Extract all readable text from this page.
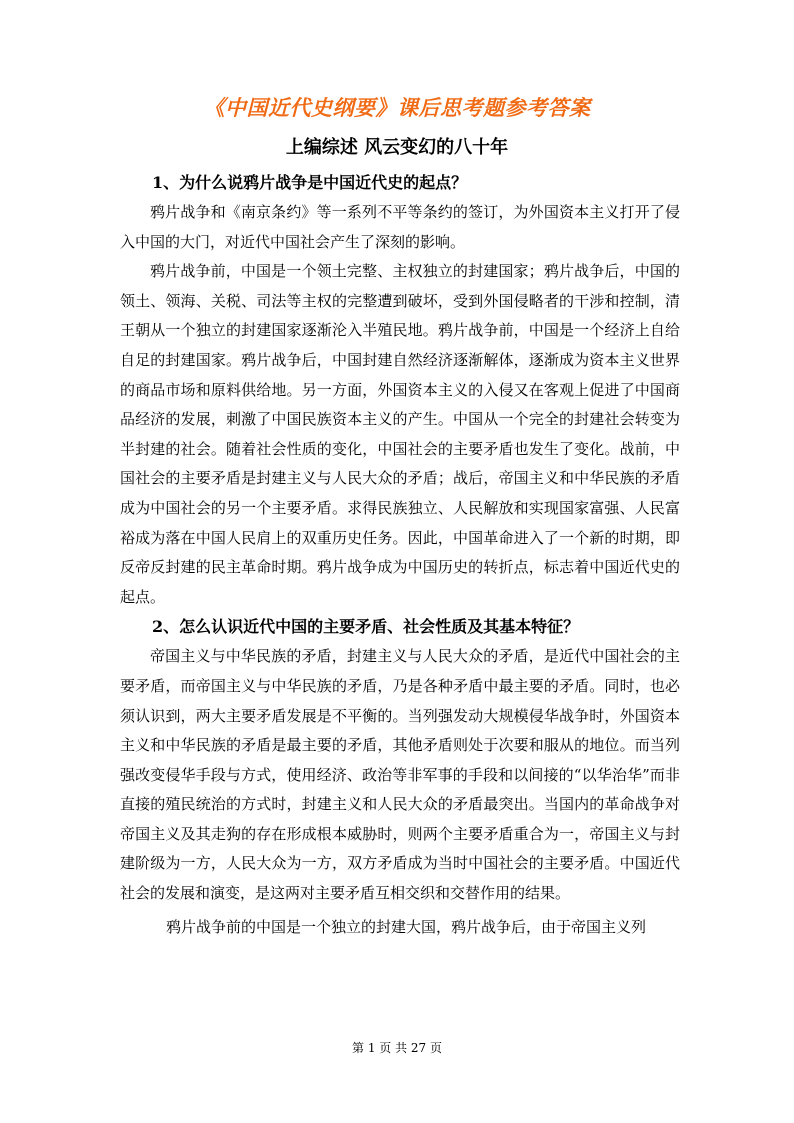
《中国近代史纲要》课后思考题参考答案
上编综述 风云变幻的八十年

1、为什么说鸦片战争是中国近代史的起点？

鸦片战争和《南京条约》等一系列不平等条约的签订，为外国资本主义打开了侵入中国的大门，对近代中国社会产生了深刻的影响。

鸦片战争前，中国是一个领土完整、主权独立的封建国家；鸦片战争后，中国的领土、领海、关税、司法等主权的完整遭到破坏，受到外国侵略者的干涉和控制，清王朝从一个独立的封建国家逐渐沦入半殖民地。鸦片战争前，中国是一个经济上自给自足的封建国家。鸦片战争后，中国封建自然经济逐渐解体，逐渐成为资本主义世界的商品市场和原料供给地。另一方面，外国资本主义的入侵又在客观上促进了中国商品经济的发展，刺激了中国民族资本主义的产生。中国从一个完全的封建社会转变为半封建的社会。随着社会性质的变化，中国社会的主要矛盾也发生了变化。战前，中国社会的主要矛盾是封建主义与人民大众的矛盾；战后，帝国主义和中华民族的矛盾成为中国社会的另一个主要矛盾。求得民族独立、人民解放和实现国家富强、人民富裕成为落在中国人民肩上的双重历史任务。因此，中国革命进入了一个新的时期，即反帝反封建的民主革命时期。鸦片战争成为中国历史的转折点，标志着中国近代史的起点。

2、怎么认识近代中国的主要矛盾、社会性质及其基本特征？

帝国主义与中华民族的矛盾，封建主义与人民大众的矛盾，是近代中国社会的主要矛盾，而帝国主义与中华民族的矛盾，乃是各种矛盾中最主要的矛盾。同时，也必须认识到，两大主要矛盾发展是不平衡的。当列强发动大规模侵华战争时，外国资本主义和中华民族的矛盾是最主要的矛盾，其他矛盾则处于次要和服从的地位。而当列强改变侵华手段与方式，使用经济、政治等非军事的手段和以间接的“以华治华”而非直接的殖民统治的方式时，封建主义和人民大众的矛盾最突出。当国内的革命战争对帝国主义及其走狗的存在形成根本威胁时，则两个主要矛盾重合为一，帝国主义与封建阶级为一方，人民大众为一方，双方矛盾成为当时中国社会的主要矛盾。中国近代社会的发展和演变，是这两对主要矛盾互相交织和交替作用的结果。

鸦片战争前的中国是一个独立的封建大国，鸦片战争后，由于帝国主义列

第 1 页 共 27 页
